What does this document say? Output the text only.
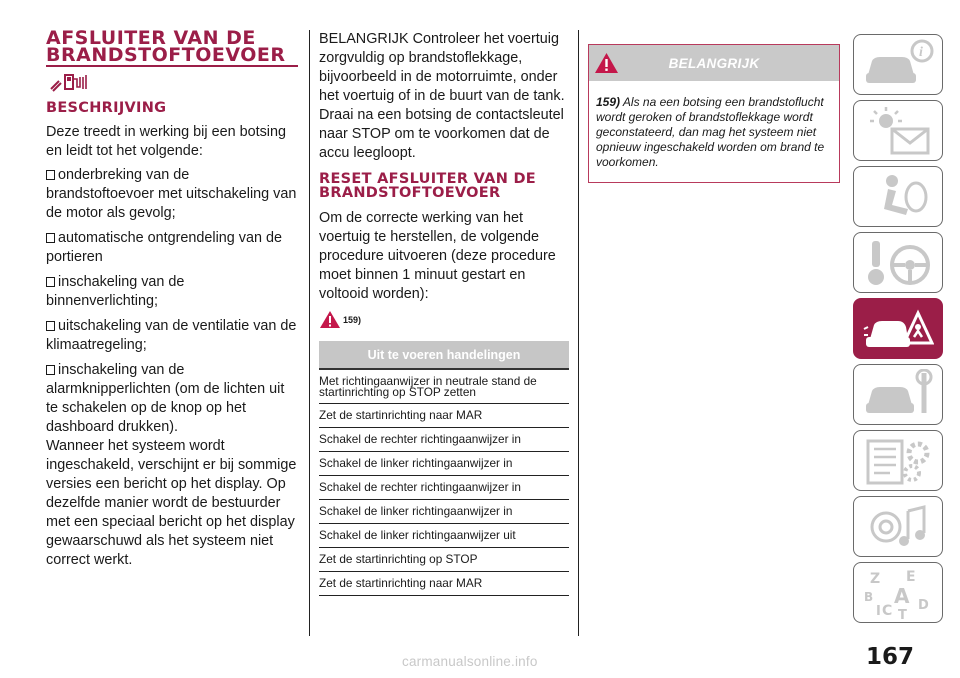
AFSLUITER VAN DE BRANDSTOFTOEVOER
BESCHRIJVING
Deze treedt in werking bij een botsing en leidt tot het volgende:
onderbreking van de brandstoftoevoer met uitschakeling van de motor als gevolg;
automatische ontgrendeling van de portieren
inschakeling van de binnenverlichting;
uitschakeling van de ventilatie van de klimaatregeling;
inschakeling van de alarmknipperlichten (om de lichten uit te schakelen op de knop op het dashboard drukken).
Wanneer het systeem wordt ingeschakeld, verschijnt er bij sommige versies een bericht op het display. Op dezelfde manier wordt de bestuurder met een speciaal bericht op het display gewaarschuwd als het systeem niet correct werkt.
BELANGRIJK Controleer het voertuig zorgvuldig op brandstoflekkage, bijvoorbeeld in de motorruimte, onder het voertuig of in de buurt van de tank. Draai na een botsing de contactsleutel naar STOP om te voorkomen dat de accu leegloopt.
RESET AFSLUITER VAN DE BRANDSTOFTOEVOER
Om de correcte werking van het voertuig te herstellen, de volgende procedure uitvoeren (deze procedure moet binnen 1 minuut gestart en voltooid worden):
159)
Uit te voeren handelingen
Met richtingaanwijzer in neutrale stand de startinrichting op STOP zetten
Zet de startinrichting naar MAR
Schakel de rechter richtingaanwijzer in
Schakel de linker richtingaanwijzer in
Schakel de rechter richtingaanwijzer in
Schakel de linker richtingaanwijzer in
Schakel de linker richtingaanwijzer uit
Zet de startinrichting op STOP
Zet de startinrichting naar MAR
BELANGRIJK
159) Als na een botsing een brandstoflucht wordt geroken of brandstoflekkage wordt geconstateerd, dan mag het systeem niet opnieuw ingeschakeld worden om brand te voorkomen.
i
Z E
B A D
I C T
167
carmanualsonline.info
